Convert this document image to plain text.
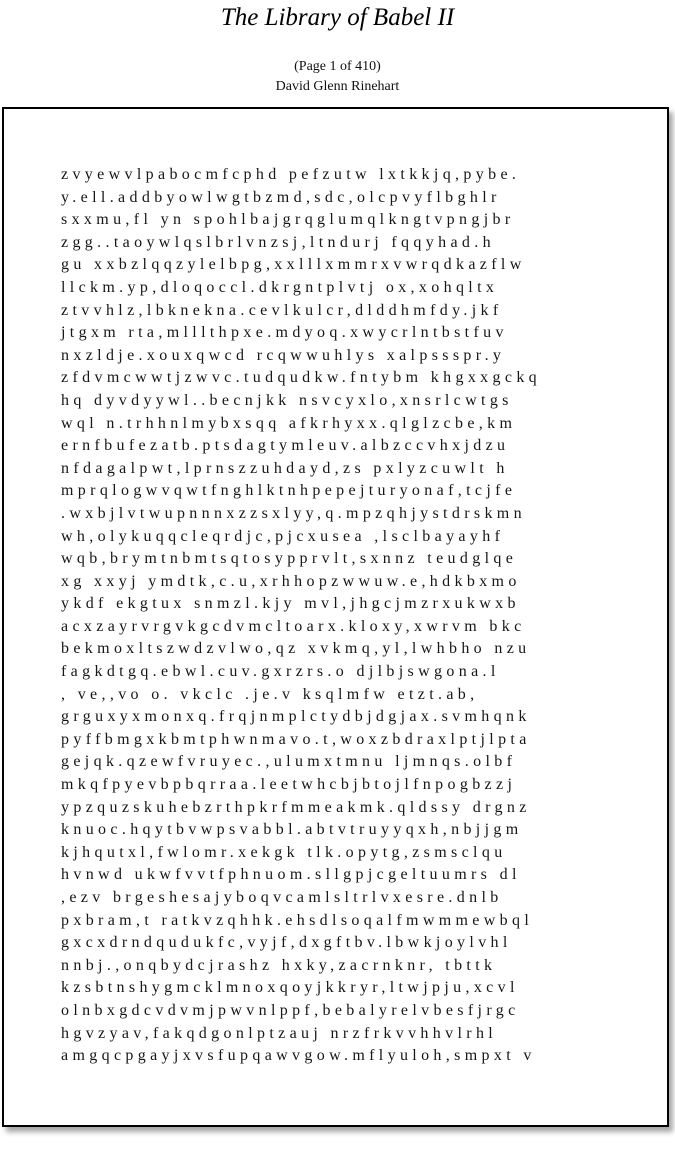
The Library of Babel II
(Page 1 of 410)
David Glenn Rinehart
zvyewvlpabocmfcphd pefzutw lxtkkjq,pybe.
y.ell.addbyowlwgtbzmd,sdc,olcpvyflbghlr
sxxmu,fl yn spohlbajgrqglumqlkngtvpngjbr
zgg..taoywlqslbrlvnzsj,ltndurj fqqyhad.h
gu xxbzlqqzylelbpg,xxlllxmmrxvwrqdkazflw
llckm.yp,dloqoccl.dkrgntplvtj ox,xohqltx
ztvvhlz,lbknekna.cevlkulcr,dlddhmfdy.jkf
jtgxm rta,mlllthpxe.mdyoq.xwycrlntbstfuv
nxzldje.xouxqwcd rcqwwuhlys xalpssspr.y
zfdvmcwwtjzwvc.tudqudkw.fntybm khgxxgckq
hq dyvdyywl..becnjkk nsvcyxlo,xnsrlcwtgs
wql n.trhhnlmybxsqq afkrhyxx.qlglzcbe,km
ernfbufezatb.ptsdagtymleuv.albzccvhxjdzu
nfdagalpwt,lprnszzuhdayd,zs pxlyzcuwlt h
mprqlogwvqwtfnghlktnhpepejturyonaf,tcjfe
.wxbjlvtwupnnnxzzsxlyy,q.mpzqhjystdrskmn
wh,olykuqqcleqrdjc,pjcxusea ,lsclbayayhf
wqb,brymtnbmtsqtosypprvlt,sxnnz teudglqe
xg xxyj ymdtk,c.u,xrhhopzwwuw.e,hdkbxmo
ykdf ekgtux snmzl.kjy mvl,jhgcjmzrxukwxb
acxzayrvrgvkgcdvmcltoarx.kloxy,xwrvm bkc
bekmoxltszwdzvlwo,qz xvkmq,yl,lwhbho nzu
fagkdtgq.ebwl.cuv.gxrzrs.o djlbjswgona.l
, ve,,vo o. vkclc .je.v ksqlmfw etzt.ab,
grguxyxmonxq.frqjnmplctydbjdgjax.svmhqnk
pyffbmgxkbmtphwnmavo.t,woxzbdraxlptjlpta
gejqk.qzewfvruyec.,ulumxtmnu ljmnqs.olbf
mkqfpyevbpbqrraa.leetwhcbjbtojlfnpogbzzj
ypzquzskuhebzrthpkrfmmeakmk.qldssy drgnz
knuoc.hqytbvwpsvabbl.abtvtruyyqxh,nbjjgm
kjhqutxl,fwlomr.xekgk tlk.opytg,zsmsclqu
hvnwd ukwfvvtfphnuom.sllgpjcgeltuumrs dl
,ezv brgeshesajyboqvcamlsltrlvxesre.dnlb
pxbram,t ratkvzqhhk.ehsdlsoqalfmwmmewbql
gxcxdrndqudukfc,vyjf,dxgftbv.lbwkjoylvhl
nnbj.,onqbydcjrashz hxky,zacrnknr, tbttk
kzsbtnshygmcklmnoxqoyjkkryr,ltwjpju,xcvl
olnbxgdcvdvmjpwvnlppf,bebalyrelvbesfjrgc
hgvzyav,fakqdgonlptzauj nrzfrkvvhhvlrhl
amgqcpgayjxvsfupqawvgow.mflyuloh,smpxt v
